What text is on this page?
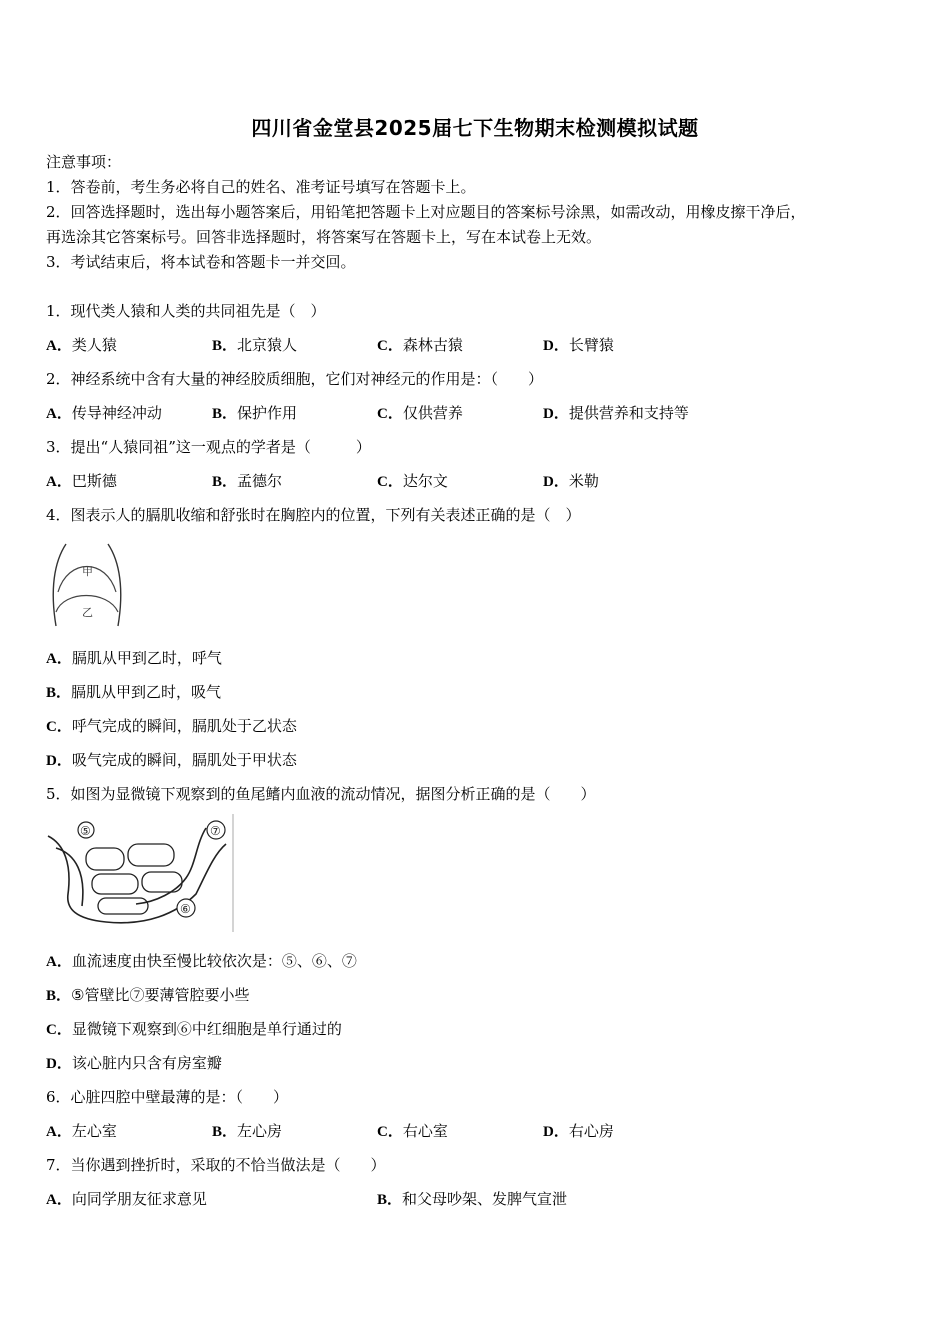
四川省金堂县2025届七下生物期末检测模拟试题
注意事项：
1．答卷前，考生务必将自己的姓名、准考证号填写在答题卡上。
2．回答选择题时，选出每小题答案后，用铅笔把答题卡上对应题目的答案标号涂黑，如需改动，用橡皮擦干净后，
再选涂其它答案标号。回答非选择题时，将答案写在答题卡上，写在本试卷上无效。
3．考试结束后，将本试卷和答题卡一并交回。
1．现代类人猿和人类的共同祖先是（　）
A．类人猿	B．北京猿人	C．森林古猿	D．长臂猿
2．神经系统中含有大量的神经胶质细胞，它们对神经元的作用是：（　　）
A．传导神经冲动	B．保护作用	C．仅供营养	D．提供营养和支持等
3．提出“人猿同祖”这一观点的学者是（　　　）
A．巴斯德	B．孟德尔	C．达尔文	D．米勒
4．图表示人的膈肌收缩和舒张时在胸腔内的位置，下列有关表述正确的是（　）
甲
乙
A．膈肌从甲到乙时，呼气
B．膈肌从甲到乙时，吸气
C．呼气完成的瞬间，膈肌处于乙状态
D．吸气完成的瞬间，膈肌处于甲状态
5．如图为显微镜下观察到的鱼尾鳍内血液的流动情况，据图分析正确的是（　　）
⑤	⑦
⑥
A．血流速度由快至慢比较依次是：⑤、⑥、⑦
B．⑤管壁比⑦要薄管腔要小些
C．显微镜下观察到⑥中红细胞是单行通过的
D．该心脏内只含有房室瓣
6．心脏四腔中壁最薄的是：（　　）
A．左心室	B．左心房	C．右心室	D．右心房
7．当你遇到挫折时，采取的不恰当做法是（　　）
A．向同学朋友征求意见	B．和父母吵架、发脾气宣泄
